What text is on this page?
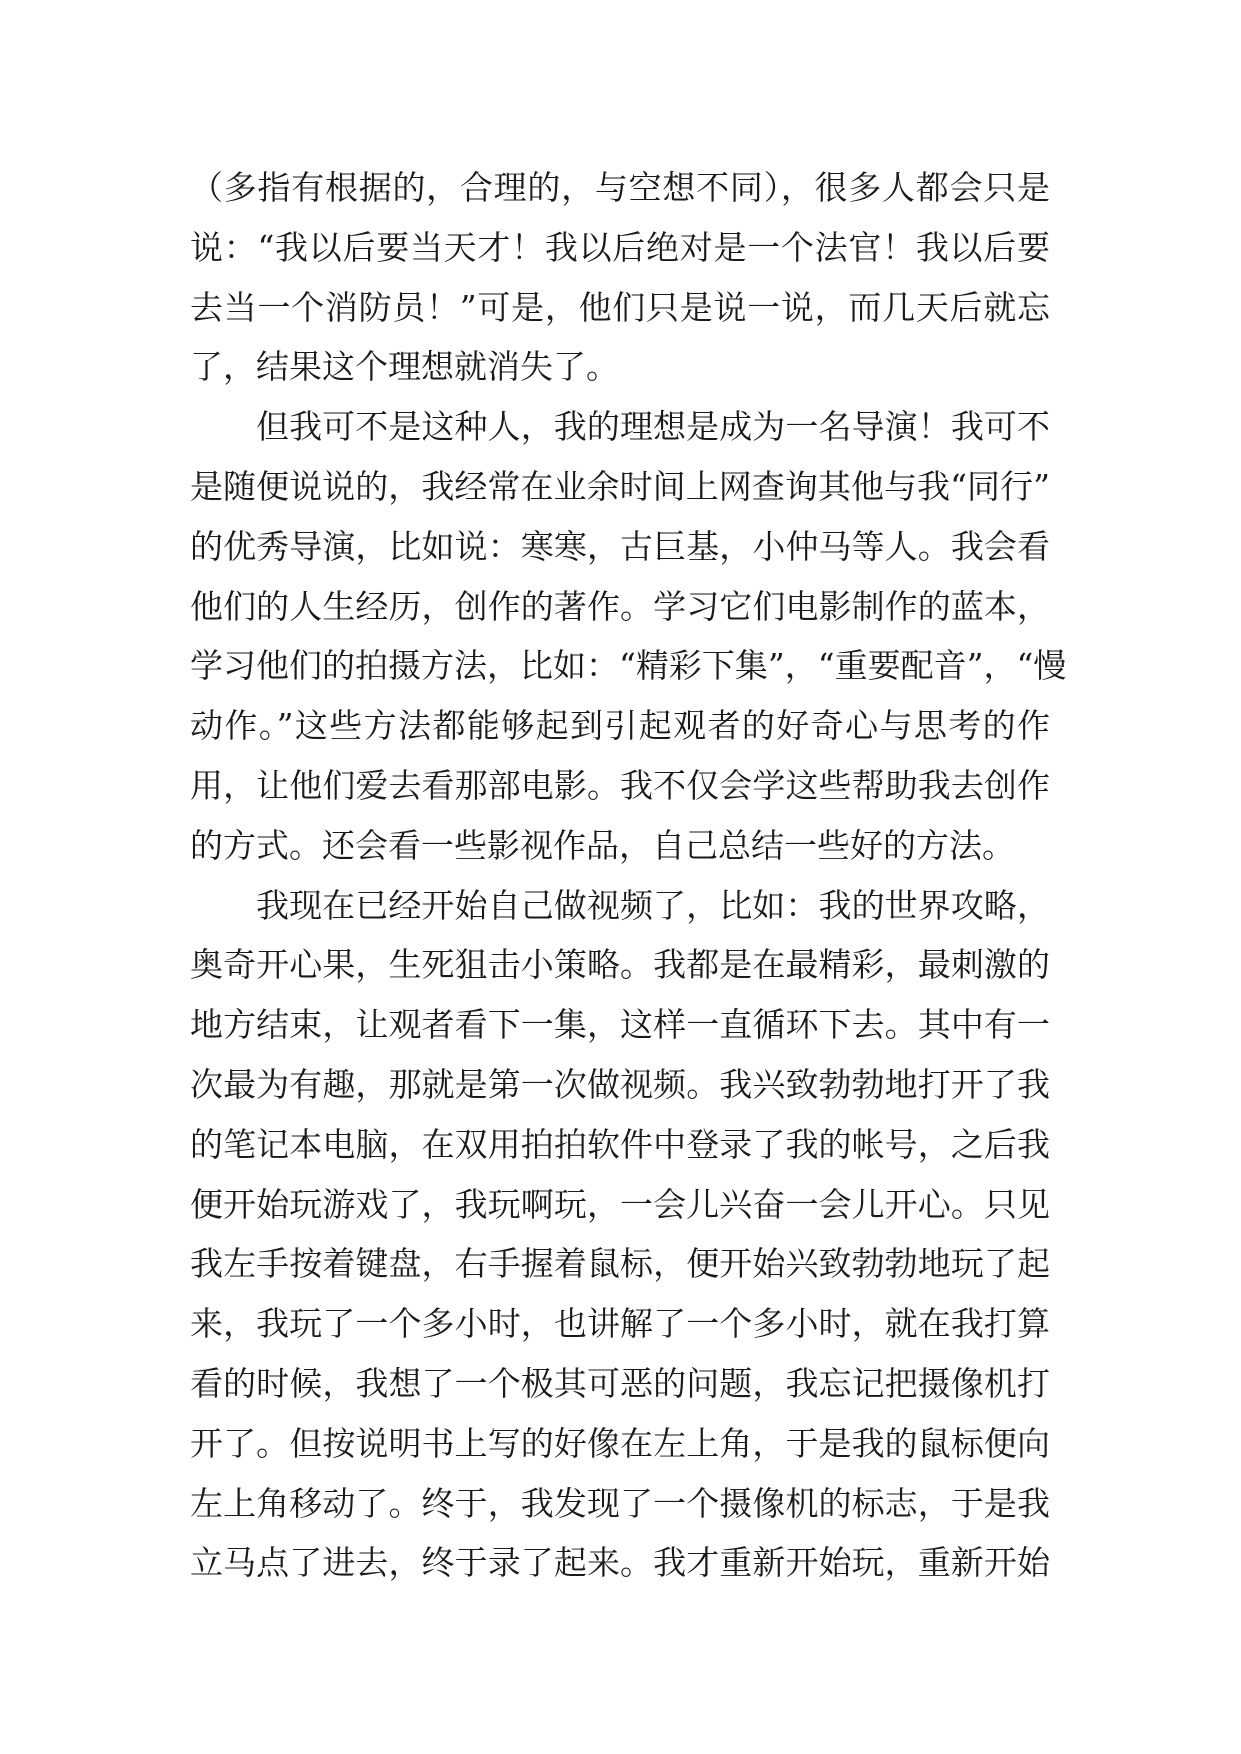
（多指有根据的，合理的，与空想不同），很多人都会只是
说：“我以后要当天才！我以后绝对是一个法官！我以后要
去当一个消防员！”可是，他们只是说一说，而几天后就忘
了，结果这个理想就消失了。
但我可不是这种人，我的理想是成为一名导演！我可不
是随便说说的，我经常在业余时间上网查询其他与我“同行”
的优秀导演，比如说：寒寒，古巨基，小仲马等人。我会看
他们的人生经历，创作的著作。学习它们电影制作的蓝本，
学习他们的拍摄方法，比如：“精彩下集”，“重要配音”，“慢
动作。”这些方法都能够起到引起观者的好奇心与思考的作
用，让他们爱去看那部电影。我不仅会学这些帮助我去创作
的方式。还会看一些影视作品，自己总结一些好的方法。
我现在已经开始自己做视频了，比如：我的世界攻略，
奥奇开心果，生死狙击小策略。我都是在最精彩，最刺激的
地方结束，让观者看下一集，这样一直循环下去。其中有一
次最为有趣，那就是第一次做视频。我兴致勃勃地打开了我
的笔记本电脑，在双用拍拍软件中登录了我的帐号，之后我
便开始玩游戏了，我玩啊玩，一会儿兴奋一会儿开心。只见
我左手按着键盘，右手握着鼠标，便开始兴致勃勃地玩了起
来，我玩了一个多小时，也讲解了一个多小时，就在我打算
看的时候，我想了一个极其可恶的问题，我忘记把摄像机打
开了。但按说明书上写的好像在左上角，于是我的鼠标便向
左上角移动了。终于，我发现了一个摄像机的标志，于是我
立马点了进去，终于录了起来。我才重新开始玩，重新开始
